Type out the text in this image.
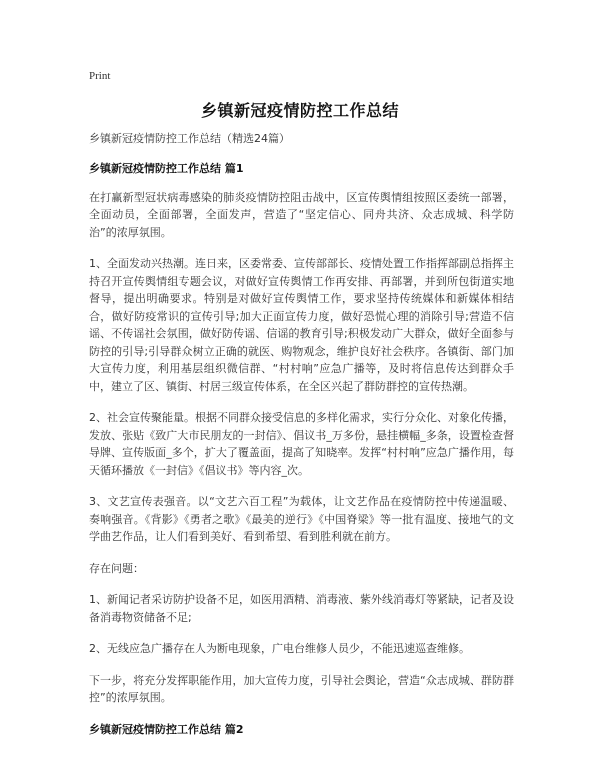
Print
乡镇新冠疫情防控工作总结

乡镇新冠疫情防控工作总结（精选24篇）

乡镇新冠疫情防控工作总结 篇1

在打赢新型冠状病毒感染的肺炎疫情防控阻击战中，区宣传舆情组按照区委统一部署，全面动员，全面部署，全面发声，营造了“坚定信心、同舟共济、众志成城、科学防治”的浓厚氛围。

1、全面发动兴热潮。连日来，区委常委、宣传部部长、疫情处置工作指挥部副总指挥主持召开宣传舆情组专题会议，对做好宣传舆情工作再安排、再部署，并到所包街道实地督导，提出明确要求。特别是对做好宣传舆情工作，要求坚持传统媒体和新媒体相结合，做好防疫常识的宣传引导;加大正面宣传力度，做好恐慌心理的消除引导;营造不信谣、不传谣社会氛围，做好防传谣、信谣的教育引导;积极发动广大群众，做好全面参与防控的引导;引导群众树立正确的就医、购物观念，维护良好社会秩序。各镇街、部门加大宣传力度，利用基层组织微信群、“村村响”应急广播等，及时将信息传达到群众手中，建立了区、镇街、村居三级宣传体系，在全区兴起了群防群控的宣传热潮。

2、社会宣传聚能量。根据不同群众接受信息的多样化需求，实行分众化、对象化传播，发放、张贴《致广大市民朋友的一封信》、倡议书_万多份，悬挂横幅_多条，设置检查督导牌、宣传版面_多个，扩大了覆盖面，提高了知晓率。发挥“村村响”应急广播作用，每天循环播放《一封信》《倡议书》等内容_次。

3、文艺宣传表强音。以“文艺六百工程”为载体，让文艺作品在疫情防控中传递温暖、奏响强音。《背影》《勇者之歌》《最美的逆行》《中国脊梁》等一批有温度、接地气的文学曲艺作品，让人们看到美好、看到希望、看到胜利就在前方。

存在问题：

1、新闻记者采访防护设备不足，如医用酒精、消毒液、紫外线消毒灯等紧缺，记者及设备消毒物资储备不足;

2、无线应急广播存在人为断电现象，广电台维修人员少，不能迅速巡查维修。

下一步，将充分发挥职能作用，加大宣传力度，引导社会舆论，营造“众志成城、群防群控”的浓厚氛围。

乡镇新冠疫情防控工作总结 篇2
